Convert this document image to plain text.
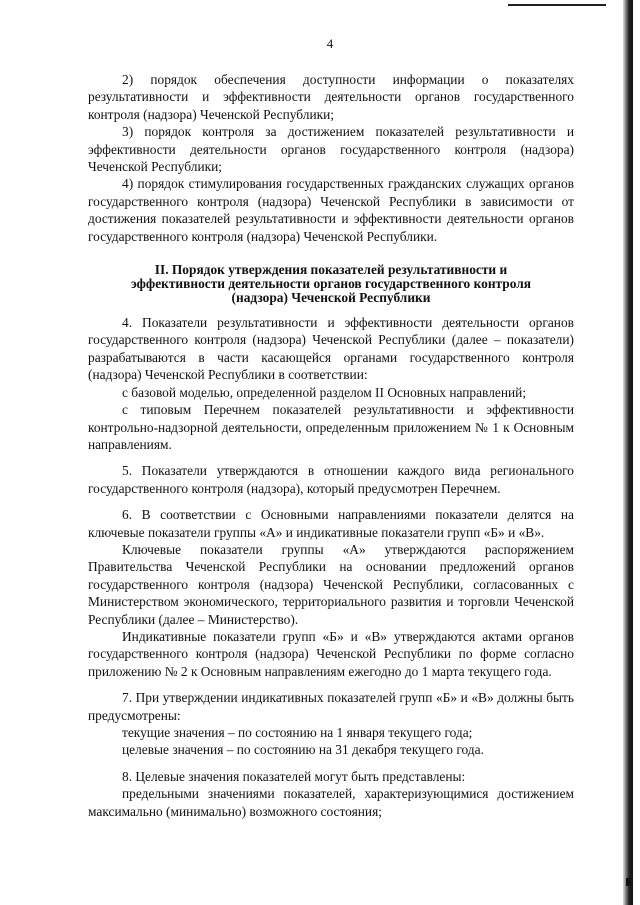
4

2) порядок обеспечения доступности информации о показателях результативности и эффективности деятельности органов государственного контроля (надзора) Чеченской Республики;

3) порядок контроля за достижением показателей результативности и эффективности деятельности органов государственного контроля (надзора) Чеченской Республики;

4) порядок стимулирования государственных гражданских служащих органов государственного контроля (надзора) Чеченской Республики в зависимости от достижения показателей результативности и эффективности деятельности органов государственного контроля (надзора) Чеченской Республики.

II. Порядок утверждения показателей результативности и
эффективности деятельности органов государственного контроля
(надзора) Чеченской Республики

4. Показатели результативности и эффективности деятельности органов государственного контроля (надзора) Чеченской Республики (далее – показатели) разрабатываются в части касающейся органами государственного контроля (надзора) Чеченской Республики в соответствии:

с базовой моделью, определенной разделом II Основных направлений;

с типовым Перечнем показателей результативности и эффективности контрольно-надзорной деятельности, определенным приложением № 1 к Основным направлениям.

5. Показатели утверждаются в отношении каждого вида регионального государственного контроля (надзора), который предусмотрен Перечнем.

6. В соответствии с Основными направлениями показатели делятся на ключевые показатели группы «А» и индикативные показатели групп «Б» и «В».

Ключевые показатели группы «А» утверждаются распоряжением Правительства Чеченской Республики на основании предложений органов государственного контроля (надзора) Чеченской Республики, согласованных с Министерством экономического, территориального развития и торговли Чеченской Республики (далее – Министерство).

Индикативные показатели групп «Б» и «В» утверждаются актами органов государственного контроля (надзора) Чеченской Республики по форме согласно приложению № 2 к Основным направлениям ежегодно до 1 марта текущего года.

7. При утверждении индикативных показателей групп «Б» и «В» должны быть предусмотрены:

текущие значения – по состоянию на 1 января текущего года;

целевые значения – по состоянию на 31 декабря текущего года.

8. Целевые значения показателей могут быть представлены:

предельными значениями показателей, характеризующимися достижением максимально (минимально) возможного состояния;
